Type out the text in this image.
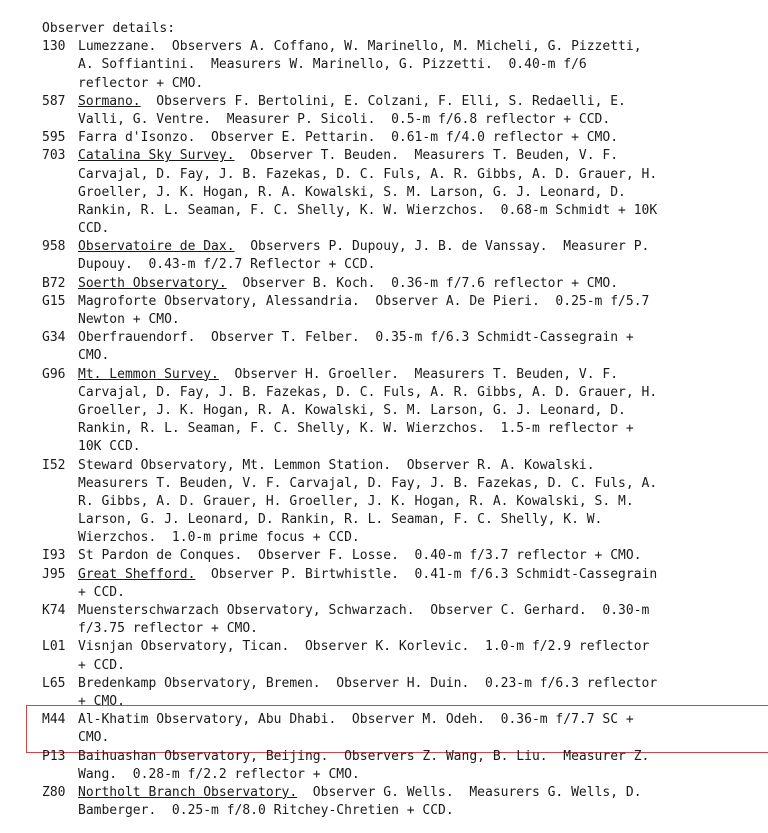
Observer details:
130 Lumezzane.  Observers A. Coffano, W. Marinello, M. Micheli, G. Pizzetti,
A. Soffiantini.  Measurers W. Marinello, G. Pizzetti.  0.40-m f/6
reflector + CMO.
587 Sormano.  Observers F. Bertolini, E. Colzani, F. Elli, S. Redaelli, E.
Valli, G. Ventre.  Measurer P. Sicoli.  0.5-m f/6.8 reflector + CCD.
595 Farra d'Isonzo.  Observer E. Pettarin.  0.61-m f/4.0 reflector + CMO.
703 Catalina Sky Survey.  Observer T. Beuden.  Measurers T. Beuden, V. F.
Carvajal, D. Fay, J. B. Fazekas, D. C. Fuls, A. R. Gibbs, A. D. Grauer, H.
Groeller, J. K. Hogan, R. A. Kowalski, S. M. Larson, G. J. Leonard, D.
Rankin, R. L. Seaman, F. C. Shelly, K. W. Wierzchos.  0.68-m Schmidt + 10K
CCD.
958 Observatoire de Dax.  Observers P. Dupouy, J. B. de Vanssay.  Measurer P.
Dupouy.  0.43-m f/2.7 Reflector + CCD.
B72 Soerth Observatory.  Observer B. Koch.  0.36-m f/7.6 reflector + CMO.
G15 Magroforte Observatory, Alessandria.  Observer A. De Pieri.  0.25-m f/5.7
Newton + CMO.
G34 Oberfrauendorf.  Observer T. Felber.  0.35-m f/6.3 Schmidt-Cassegrain +
CMO.
G96 Mt. Lemmon Survey.  Observer H. Groeller.  Measurers T. Beuden, V. F.
Carvajal, D. Fay, J. B. Fazekas, D. C. Fuls, A. R. Gibbs, A. D. Grauer, H.
Groeller, J. K. Hogan, R. A. Kowalski, S. M. Larson, G. J. Leonard, D.
Rankin, R. L. Seaman, F. C. Shelly, K. W. Wierzchos.  1.5-m reflector +
10K CCD.
I52 Steward Observatory, Mt. Lemmon Station.  Observer R. A. Kowalski.
Measurers T. Beuden, V. F. Carvajal, D. Fay, J. B. Fazekas, D. C. Fuls, A.
R. Gibbs, A. D. Grauer, H. Groeller, J. K. Hogan, R. A. Kowalski, S. M.
Larson, G. J. Leonard, D. Rankin, R. L. Seaman, F. C. Shelly, K. W.
Wierzchos.  1.0-m prime focus + CCD.
I93 St Pardon de Conques.  Observer F. Losse.  0.40-m f/3.7 reflector + CMO.
J95 Great Shefford.  Observer P. Birtwhistle.  0.41-m f/6.3 Schmidt-Cassegrain
+ CCD.
K74 Muensterschwarzach Observatory, Schwarzach.  Observer C. Gerhard.  0.30-m
f/3.75 reflector + CMO.
L01 Visnjan Observatory, Tican.  Observer K. Korlevic.  1.0-m f/2.9 reflector
+ CCD.
L65 Bredenkamp Observatory, Bremen.  Observer H. Duin.  0.23-m f/6.3 reflector
+ CMO.
M44 Al-Khatim Observatory, Abu Dhabi.  Observer M. Odeh.  0.36-m f/7.7 SC +
CMO.
P13 Baihuashan Observatory, Beijing.  Observers Z. Wang, B. Liu.  Measurer Z.
Wang.  0.28-m f/2.2 reflector + CMO.
Z80 Northolt Branch Observatory.  Observer G. Wells.  Measurers G. Wells, D.
Bamberger.  0.25-m f/8.0 Ritchey-Chretien + CCD.
